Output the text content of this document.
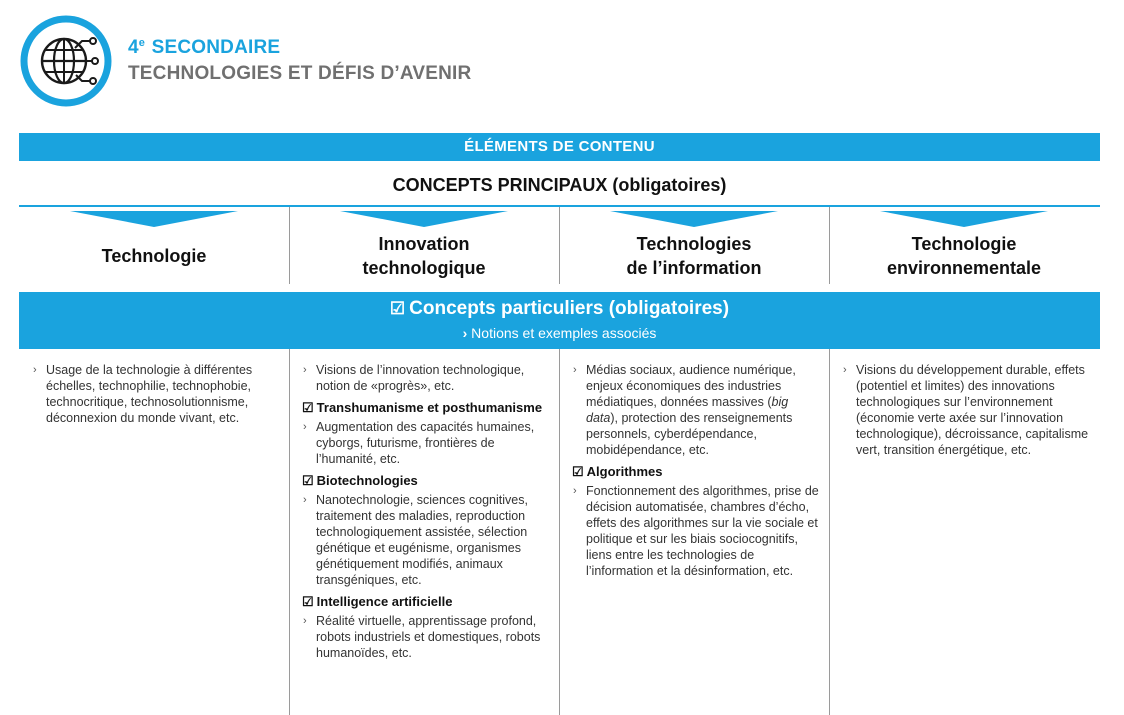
4e SECONDAIRE
TECHNOLOGIES ET DÉFIS D’AVENIR
ÉLÉMENTS DE CONTENU
CONCEPTS PRINCIPAUX (obligatoires)
Technologie
Innovation
technologique
Technologies
de l’information
Technologie
environnementale
☑ Concepts particuliers (obligatoires)
› Notions et exemples associés
› Usage de la technologie à différentes échelles, technophilie, technophobie, technocritique, technosolutionnisme, déconnexion du monde vivant, etc.
› Visions de l’innovation technologique, notion de «progrès», etc.
☑ Transhumanisme et posthumanisme
› Augmentation des capacités humaines, cyborgs, futurisme, frontières de l’humanité, etc.
☑ Biotechnologies
› Nanotechnologie, sciences cognitives, traitement des maladies, reproduction technologiquement assistée, sélection génétique et eugénisme, organismes génétiquement modifiés, animaux transgéniques, etc.
☑ Intelligence artificielle
› Réalité virtuelle, apprentissage profond, robots industriels et domestiques, robots humanoïdes, etc.
› Médias sociaux, audience numérique, enjeux économiques des industries médiatiques, données massives (big data), protection des renseignements personnels, cyberdépendance, mobidépendance, etc.
☑ Algorithmes
› Fonctionnement des algorithmes, prise de décision automatisée, chambres d’écho, effets des algorithmes sur la vie sociale et politique et sur les biais sociocognitifs, liens entre les technologies de l’information et la désinformation, etc.
› Visions du développement durable, effets (potentiel et limites) des innovations technologiques sur l’environnement (économie verte axée sur l’innovation technologique), décroissance, capitalisme vert, transition énergétique, etc.
